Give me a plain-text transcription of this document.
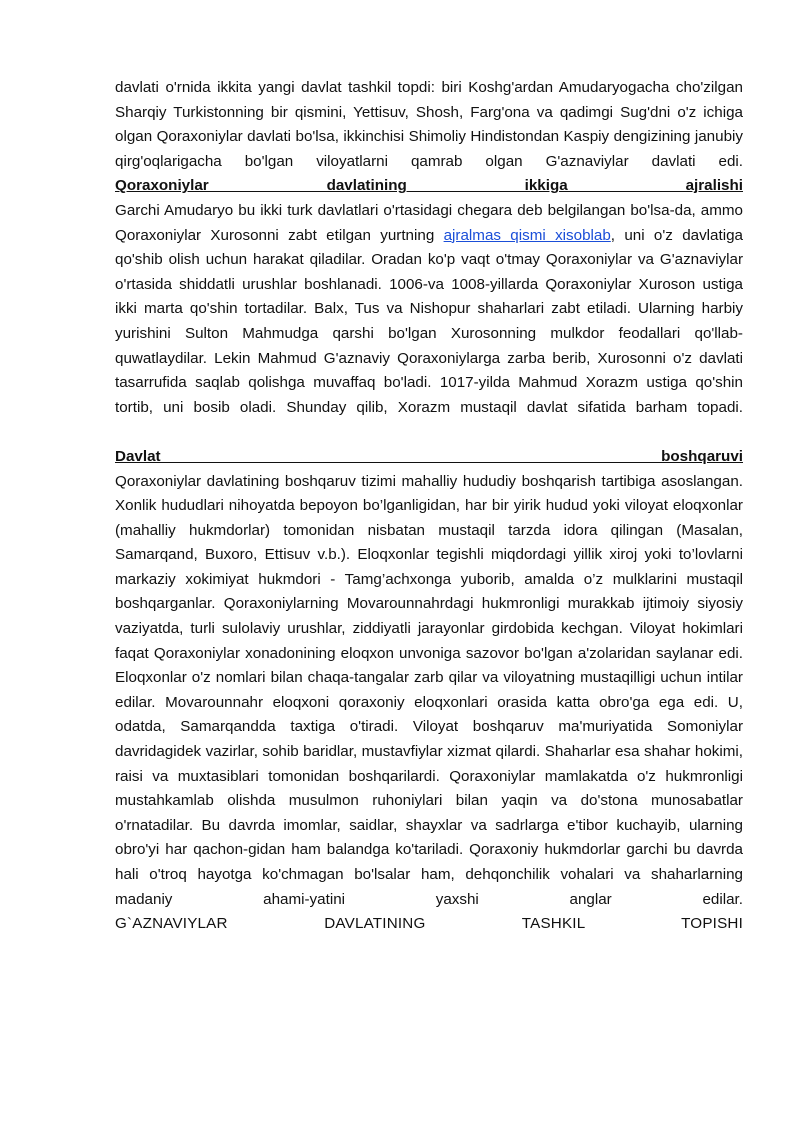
davlati o'rnida ikkita yangi davlat tashkil topdi: biri Koshg'ardan Amudaryogacha cho'zilgan Sharqiy Turkistonning bir qismini, Yettisuv, Shosh, Farg'ona va qadimgi Sug'dni o'z ichiga olgan Qoraxoniylar davlati bo'lsa, ikkinchisi Shimoliy Hindistondan Kaspiy dengizining janubiy qirg'oqlarigacha bo'lgan viloyatlarni qamrab olgan G'aznaviylar davlati edi.

Qoraxoniylar davlatining ikkiga ajralishi

Garchi Amudaryo bu ikki turk davlatlari o'rtasidagi chegara deb belgilangan bo'lsa-da, ammo Qoraxoniylar Xurosonni zabt etilgan yurtning ajralmas qismi xisoblab, uni o'z davlatiga qo'shib olish uchun harakat qiladilar. Oradan ko'p vaqt o'tmay Qoraxoniylar va G'aznaviylar o'rtasida shiddatli urushlar boshlanadi. 1006-va 1008-yillarda Qoraxoniylar Xuroson ustiga ikki marta qo'shin tortadilar. Balx, Tus va Nishopur shaharlari zabt etiladi. Ularning harbiy yurishini Sulton Mahmudga qarshi bo'lgan Xurosonning mulkdor feodallari qo'llab-quwatlaydilar. Lekin Mahmud G'aznaviy Qoraxoniylarga zarba berib, Xurosonni o'z davlati tasarrufida saqlab qolishga muvaffaq bo'ladi. 1017-yilda Mahmud Xorazm ustiga qo'shin tortib, uni bosib oladi. Shunday qilib, Xorazm mustaqil davlat sifatida barham topadi.

Davlat boshqaruvi

Qoraxoniylar davlatining boshqaruv tizimi mahalliy hududiy boshqarish tartibiga asoslangan. Xonlik hududlari nihoyatda bepoyon bo’lganligidan, har bir yirik hudud yoki viloyat eloqxonlar (mahalliy hukmdorlar) tomonidan nisbatan mustaqil tarzda idora qilingan (Masalan, Samarqand, Buxoro, Ettisuv v.b.). Eloqxonlar tegishli miqdordagi yillik xiroj yoki to’lovlarni markaziy xokimiyat hukmdori - Tamg’achxonga yuborib, amalda o’z mulklarini mustaqil boshqarganlar. Qoraxoniylarning Movarounnahrdagi hukmronligi murakkab ijtimoiy siyosiy vaziyatda, turli sulolaviy urushlar, ziddiyatli jarayonlar girdobida kechgan. Viloyat hokimlari faqat Qoraxoniylar xonadonining eloqxon unvoniga sazovor bo'lgan a'zolaridan saylanar edi. Eloqxonlar o'z nomlari bilan chaqa-tangalar zarb qilar va viloyatning mustaqilligi uchun intilar edilar. Movarounnahr eloqxoni qoraxoniy eloqxonlari orasida katta obro'ga ega edi. U, odatda, Samarqandda taxtiga o'tiradi. Viloyat boshqaruv ma'muriyatida Somoniylar davridagidek vazirlar, sohib baridlar, mustavfiylar xizmat qilardi. Shaharlar esa shahar hokimi, raisi va muxtasiblari tomonidan boshqarilardi. Qoraxoniylar mamlakatda o'z hukmronligi mustahkamlab olishda musulmon ruhoniylari bilan yaqin va do'stona munosabatlar o'rnatadilar. Bu davrda imomlar, saidlar, shayxlar va sadrlarga e'tibor kuchayib, ularning obro'yi har qachon-gidan ham balandga ko'tariladi. Qoraxoniy hukmdorlar garchi bu davrda hali o'troq hayotga ko'chmagan bo'lsalar ham, dehqonchilik vohalari va shaharlarning madaniy ahami-yatini yaxshi anglar edilar.

G`AZNAVIYLAR DAVLATINING TASHKIL TOPISHI
